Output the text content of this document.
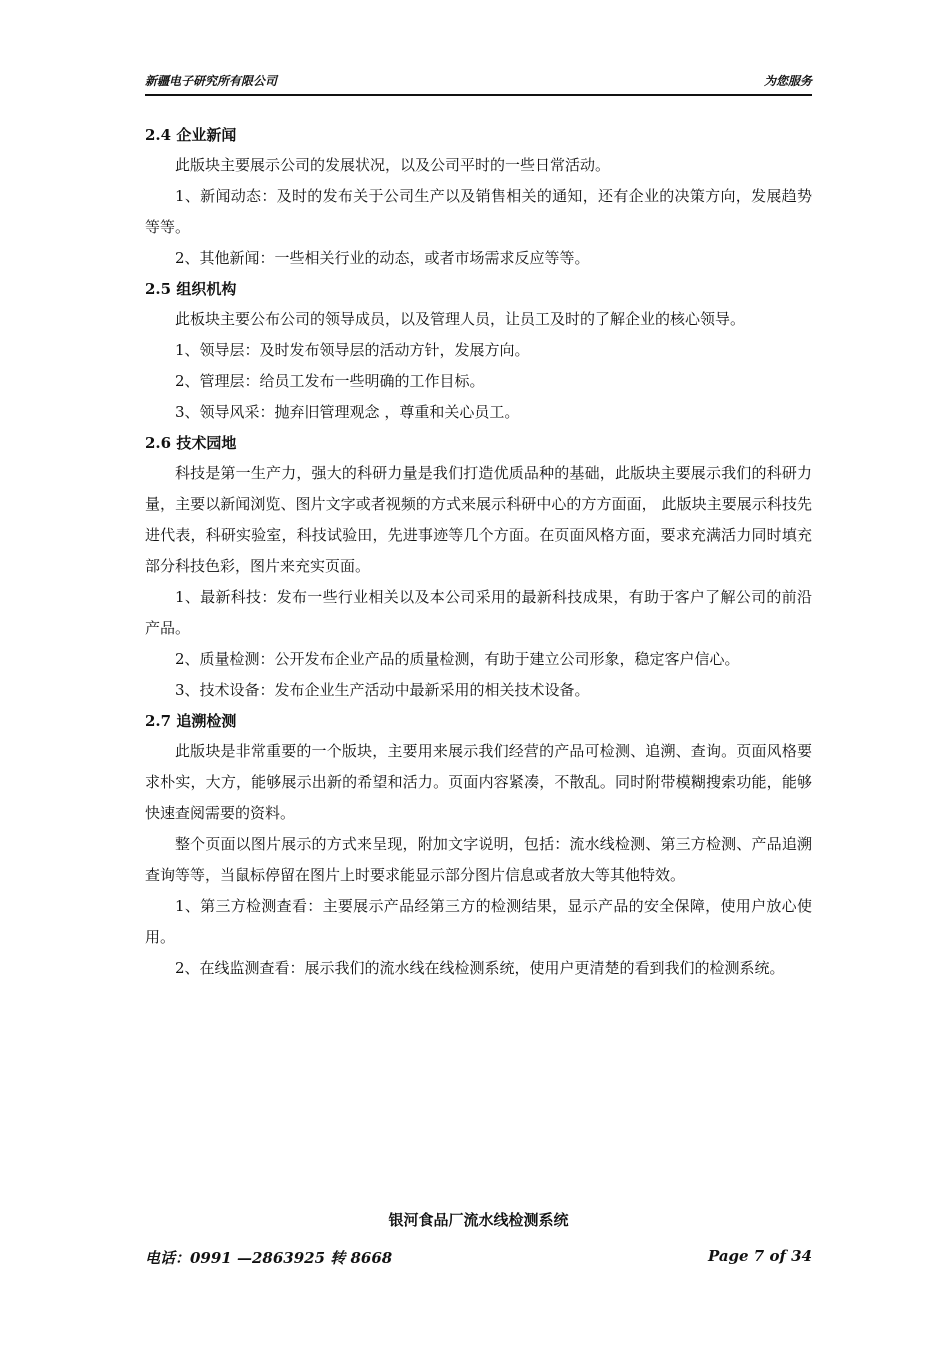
新疆电子研究所有限公司	为您服务
2.4 企业新闻

此版块主要展示公司的发展状况，以及公司平时的一些日常活动。

1、新闻动态：及时的发布关于公司生产以及销售相关的通知，还有企业的决策方向，发展趋势等等。

2、其他新闻：一些相关行业的动态，或者市场需求反应等等。

2.5 组织机构

此板块主要公布公司的领导成员，以及管理人员，让员工及时的了解企业的核心领导。

1、领导层：及时发布领导层的活动方针，发展方向。

2、管理层：给员工发布一些明确的工作目标。

3、领导风采：抛弃旧管理观念 ，尊重和关心员工。

2.6 技术园地

科技是第一生产力，强大的科研力量是我们打造优质品种的基础，此版块主要展示我们的科研力量，主要以新闻浏览、图片文字或者视频的方式来展示科研中心的方方面面， 此版块主要展示科技先进代表，科研实验室，科技试验田，先进事迹等几个方面。在页面风格方面，要求充满活力同时填充部分科技色彩，图片来充实页面。

1、最新科技：发布一些行业相关以及本公司采用的最新科技成果，有助于客户了解公司的前沿产品。

2、质量检测：公开发布企业产品的质量检测，有助于建立公司形象，稳定客户信心。

3、技术设备：发布企业生产活动中最新采用的相关技术设备。

2.7 追溯检测

此版块是非常重要的一个版块，主要用来展示我们经营的产品可检测、追溯、查询。页面风格要求朴实，大方，能够展示出新的希望和活力。页面内容紧凑，不散乱。同时附带模糊搜索功能，能够快速查阅需要的资料。

整个页面以图片展示的方式来呈现，附加文字说明，包括：流水线检测、第三方检测、产品追溯查询等等，当鼠标停留在图片上时要求能显示部分图片信息或者放大等其他特效。

1、第三方检测查看：主要展示产品经第三方的检测结果，显示产品的安全保障，使用户放心使用。

2、在线监测查看：展示我们的流水线在线检测系统，使用户更清楚的看到我们的检测系统。

银河食品厂流水线检测系统
电话：0991 —2863925 转 8668	Page 7 of 34
